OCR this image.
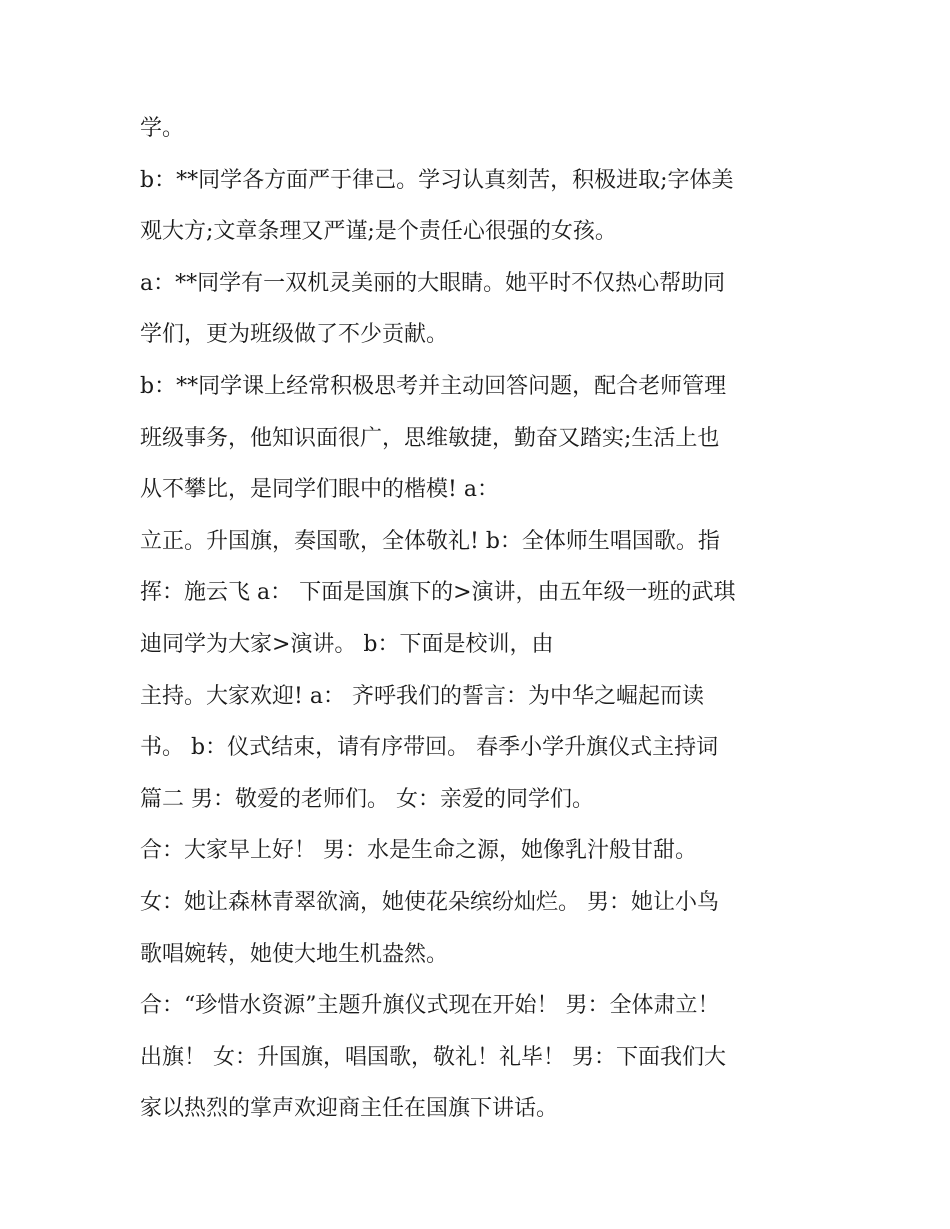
学。
b：**同学各方面严于律己。学习认真刻苦，积极进取;字体美
观大方;文章条理又严谨;是个责任心很强的女孩。
a：**同学有一双机灵美丽的大眼睛。她平时不仅热心帮助同
学们，更为班级做了不少贡献。
b：**同学课上经常积极思考并主动回答问题，配合老师管理
班级事务，他知识面很广，思维敏捷，勤奋又踏实;生活上也
从不攀比，是同学们眼中的楷模! a：
立正。升国旗，奏国歌，全体敬礼! b：全体师生唱国歌。指
挥：施云飞 a： 下面是国旗下的>演讲，由五年级一班的武琪
迪同学为大家>演讲。 b：下面是校训，由
主持。大家欢迎! a： 齐呼我们的誓言：为中华之崛起而读
书。 b：仪式结束，请有序带回。 春季小学升旗仪式主持词
篇二 男：敬爱的老师们。 女：亲爱的同学们。
合：大家早上好！ 男：水是生命之源，她像乳汁般甘甜。
女：她让森林青翠欲滴，她使花朵缤纷灿烂。 男：她让小鸟
歌唱婉转，她使大地生机盎然。
合：“珍惜水资源”主题升旗仪式现在开始！ 男：全体肃立！
出旗！ 女：升国旗，唱国歌，敬礼！礼毕！ 男：下面我们大
家以热烈的掌声欢迎商主任在国旗下讲话。
